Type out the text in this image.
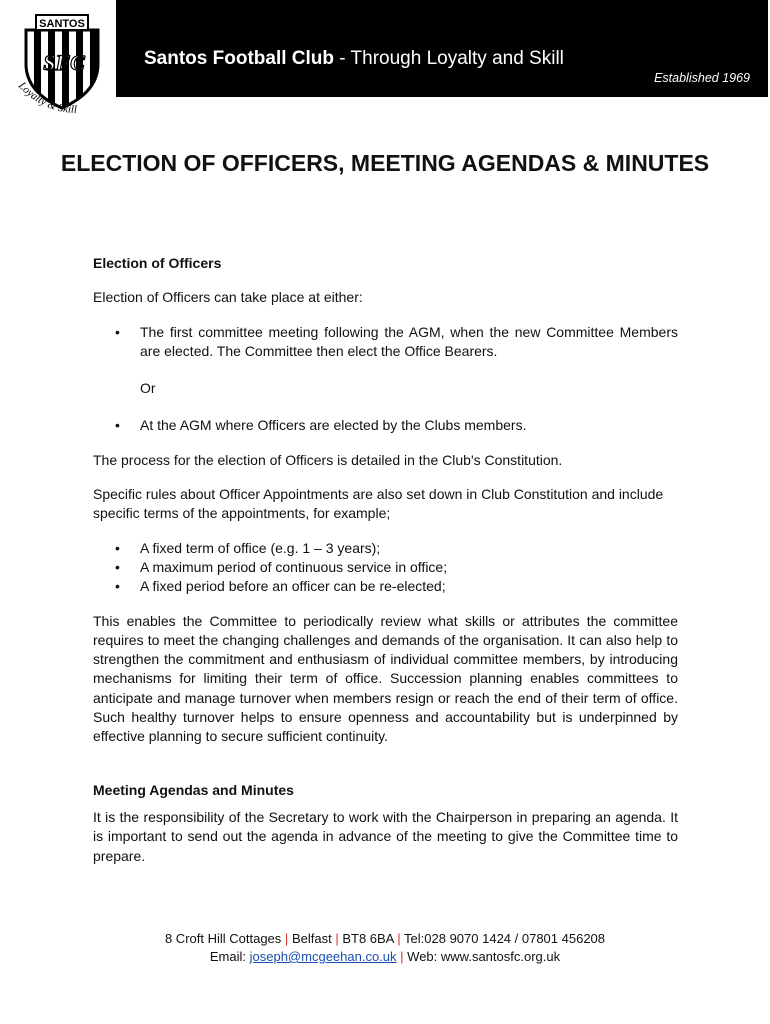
SANTOS
SFC
Loyalty & Skill
Santos Football Club - Through Loyalty and Skill
Established 1969
ELECTION OF OFFICERS, MEETING AGENDAS & MINUTES

Election of Officers

Election of Officers can take place at either:

• The first committee meeting following the AGM, when the new Committee Members are elected. The Committee then elect the Office Bearers.

Or

• At the AGM where Officers are elected by the Clubs members.

The process for the election of Officers is detailed in the Club's Constitution.

Specific rules about Officer Appointments are also set down in Club Constitution and include specific terms of the appointments, for example;

• A fixed term of office (e.g. 1 – 3 years);
• A maximum period of continuous service in office;
• A fixed period before an officer can be re-elected;

This enables the Committee to periodically review what skills or attributes the committee requires to meet the changing challenges and demands of the organisation. It can also help to strengthen the commitment and enthusiasm of individual committee members, by introducing mechanisms for limiting their term of office. Succession planning enables committees to anticipate and manage turnover when members resign or reach the end of their term of office. Such healthy turnover helps to ensure openness and accountability but is underpinned by effective planning to secure sufficient continuity.

Meeting Agendas and Minutes

It is the responsibility of the Secretary to work with the Chairperson in preparing an agenda. It is important to send out the agenda in advance of the meeting to give the Committee time to prepare.

8 Croft Hill Cottages | Belfast | BT8 6BA | Tel:028 9070 1424 / 07801 456208
Email: joseph@mcgeehan.co.uk | Web: www.santosfc.org.uk
